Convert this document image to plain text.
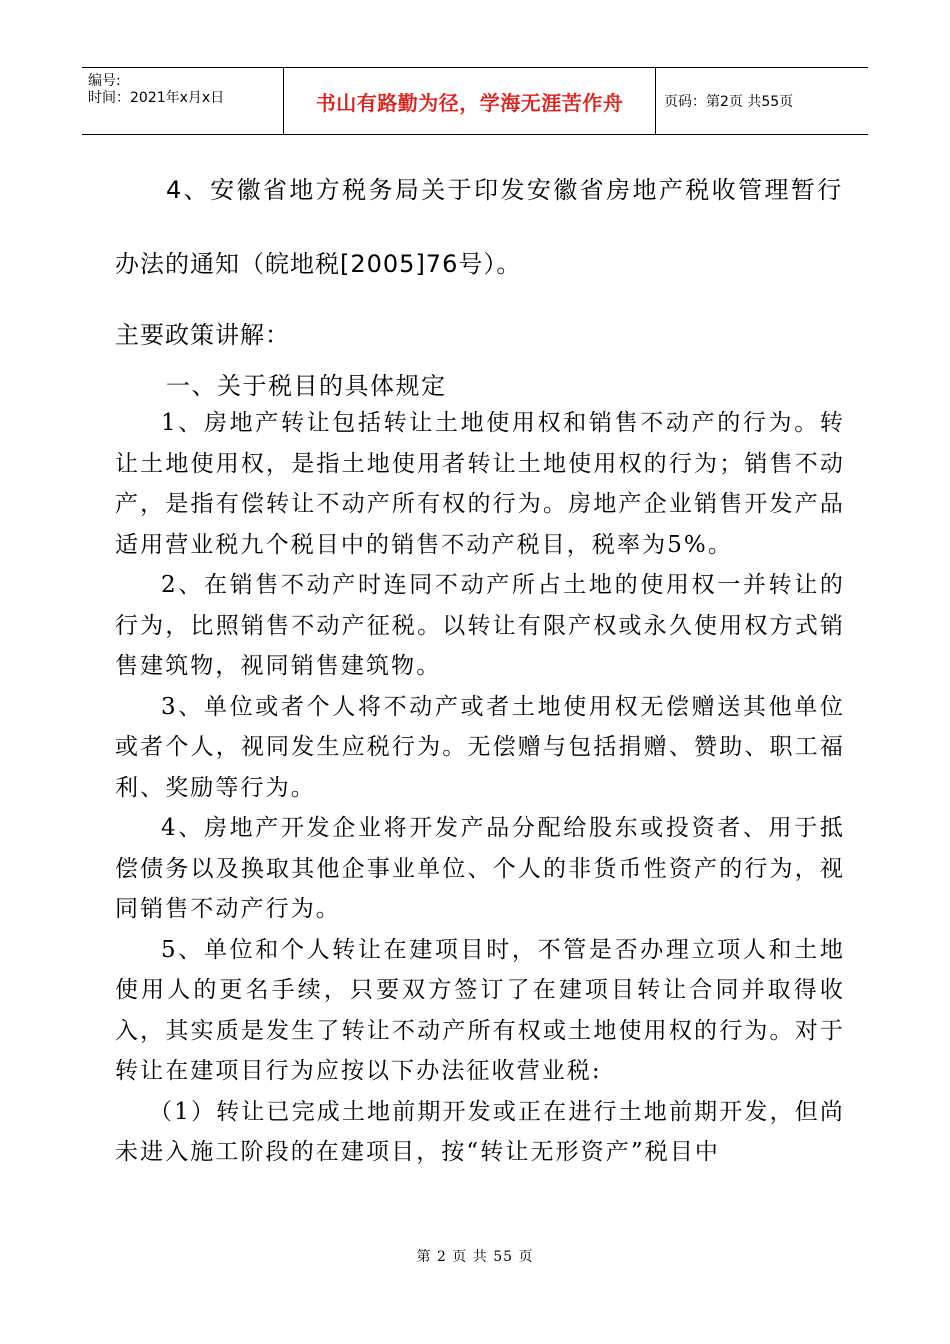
编号:
时间：2021年x月x日	书山有路勤为径，学海无涯苦作舟	页码：第2页 共55页
4、安徽省地方税务局关于印发安徽省房地产税收管理暂行
办法的通知（皖地税[2005]76号）。
主要政策讲解：
一、关于税目的具体规定

1、房地产转让包括转让土地使用权和销售不动产的行为。转让土地使用权，是指土地使用者转让土地使用权的行为；销售不动产，是指有偿转让不动产所有权的行为。房地产企业销售开发产品适用营业税九个税目中的销售不动产税目，税率为5%。

2、在销售不动产时连同不动产所占土地的使用权一并转让的行为，比照销售不动产征税。以转让有限产权或永久使用权方式销售建筑物，视同销售建筑物。

3、单位或者个人将不动产或者土地使用权无偿赠送其他单位或者个人，视同发生应税行为。无偿赠与包括捐赠、赞助、职工福利、奖励等行为。

4、房地产开发企业将开发产品分配给股东或投资者、用于抵偿债务以及换取其他企事业单位、个人的非货币性资产的行为，视同销售不动产行为。

5、单位和个人转让在建项目时，不管是否办理立项人和土地使用人的更名手续，只要双方签订了在建项目转让合同并取得收入，其实质是发生了转让不动产所有权或土地使用权的行为。对于转让在建项目行为应按以下办法征收营业税:

（1）转让已完成土地前期开发或正在进行土地前期开发，但尚未进入施工阶段的在建项目，按“转让无形资产”税目中

第 2 页 共 55 页
